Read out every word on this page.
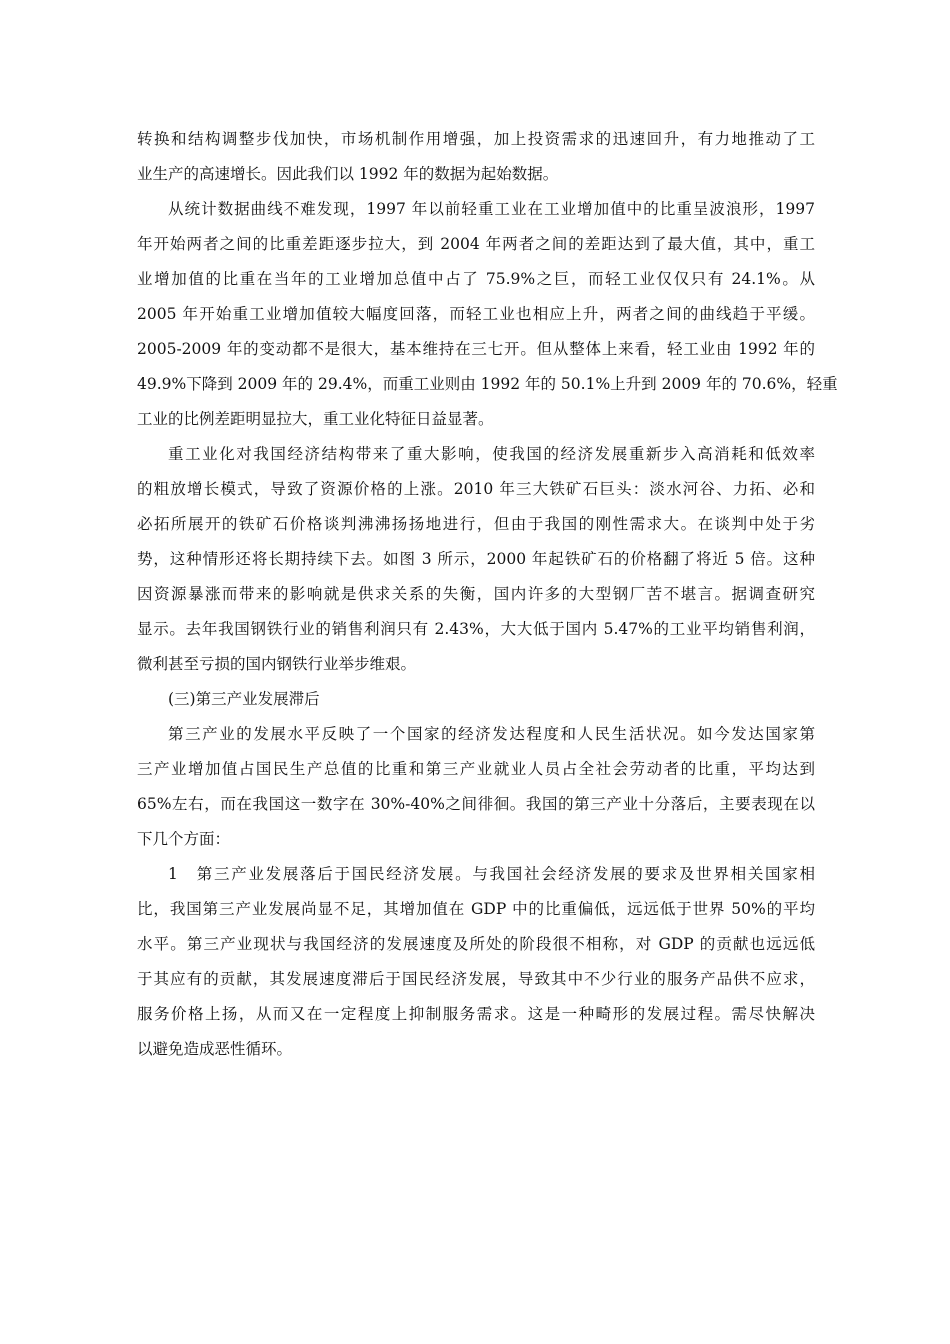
转换和结构调整步伐加快，市场机制作用增强，加上投资需求的迅速回升，有力地推动了工
业生产的高速增长。因此我们以 1992 年的数据为起始数据。
从统计数据曲线不难发现，1997 年以前轻重工业在工业增加值中的比重呈波浪形，1997
年开始两者之间的比重差距逐步拉大，到 2004 年两者之间的差距达到了最大值，其中，重工
业增加值的比重在当年的工业增加总值中占了 75.9%之巨，而轻工业仅仅只有 24.1%。从
2005 年开始重工业增加值较大幅度回落，而轻工业也相应上升，两者之间的曲线趋于平缓。
2005-2009 年的变动都不是很大，基本维持在三七开。但从整体上来看，轻工业由 1992 年的
49.9%下降到 2009 年的 29.4%，而重工业则由 1992 年的 50.1%上升到 2009 年的 70.6%，轻重
工业的比例差距明显拉大，重工业化特征日益显著。
重工业化对我国经济结构带来了重大影响，使我国的经济发展重新步入高消耗和低效率
的粗放增长模式，导致了资源价格的上涨。2010 年三大铁矿石巨头：淡水河谷、力拓、必和
必拓所展开的铁矿石价格谈判沸沸扬扬地进行，但由于我国的刚性需求大。在谈判中处于劣
势，这种情形还将长期持续下去。如图 3 所示，2000 年起铁矿石的价格翻了将近 5 倍。这种
因资源暴涨而带来的影响就是供求关系的失衡，国内许多的大型钢厂苦不堪言。据调查研究
显示。去年我国钢铁行业的销售利润只有 2.43%，大大低于国内 5.47%的工业平均销售利润，
微利甚至亏损的国内钢铁行业举步维艰。
(三)第三产业发展滞后
第三产业的发展水平反映了一个国家的经济发达程度和人民生活状况。如今发达国家第
三产业增加值占国民生产总值的比重和第三产业就业人员占全社会劳动者的比重，平均达到
65%左右，而在我国这一数字在 30%-40%之间徘徊。我国的第三产业十分落后，主要表现在以
下几个方面：
1　第三产业发展落后于国民经济发展。与我国社会经济发展的要求及世界相关国家相
比，我国第三产业发展尚显不足，其增加值在 GDP 中的比重偏低，远远低于世界 50%的平均
水平。第三产业现状与我国经济的发展速度及所处的阶段很不相称，对 GDP 的贡献也远远低
于其应有的贡献，其发展速度滞后于国民经济发展，导致其中不少行业的服务产品供不应求，
服务价格上扬，从而又在一定程度上抑制服务需求。这是一种畸形的发展过程。需尽快解决
以避免造成恶性循环。
